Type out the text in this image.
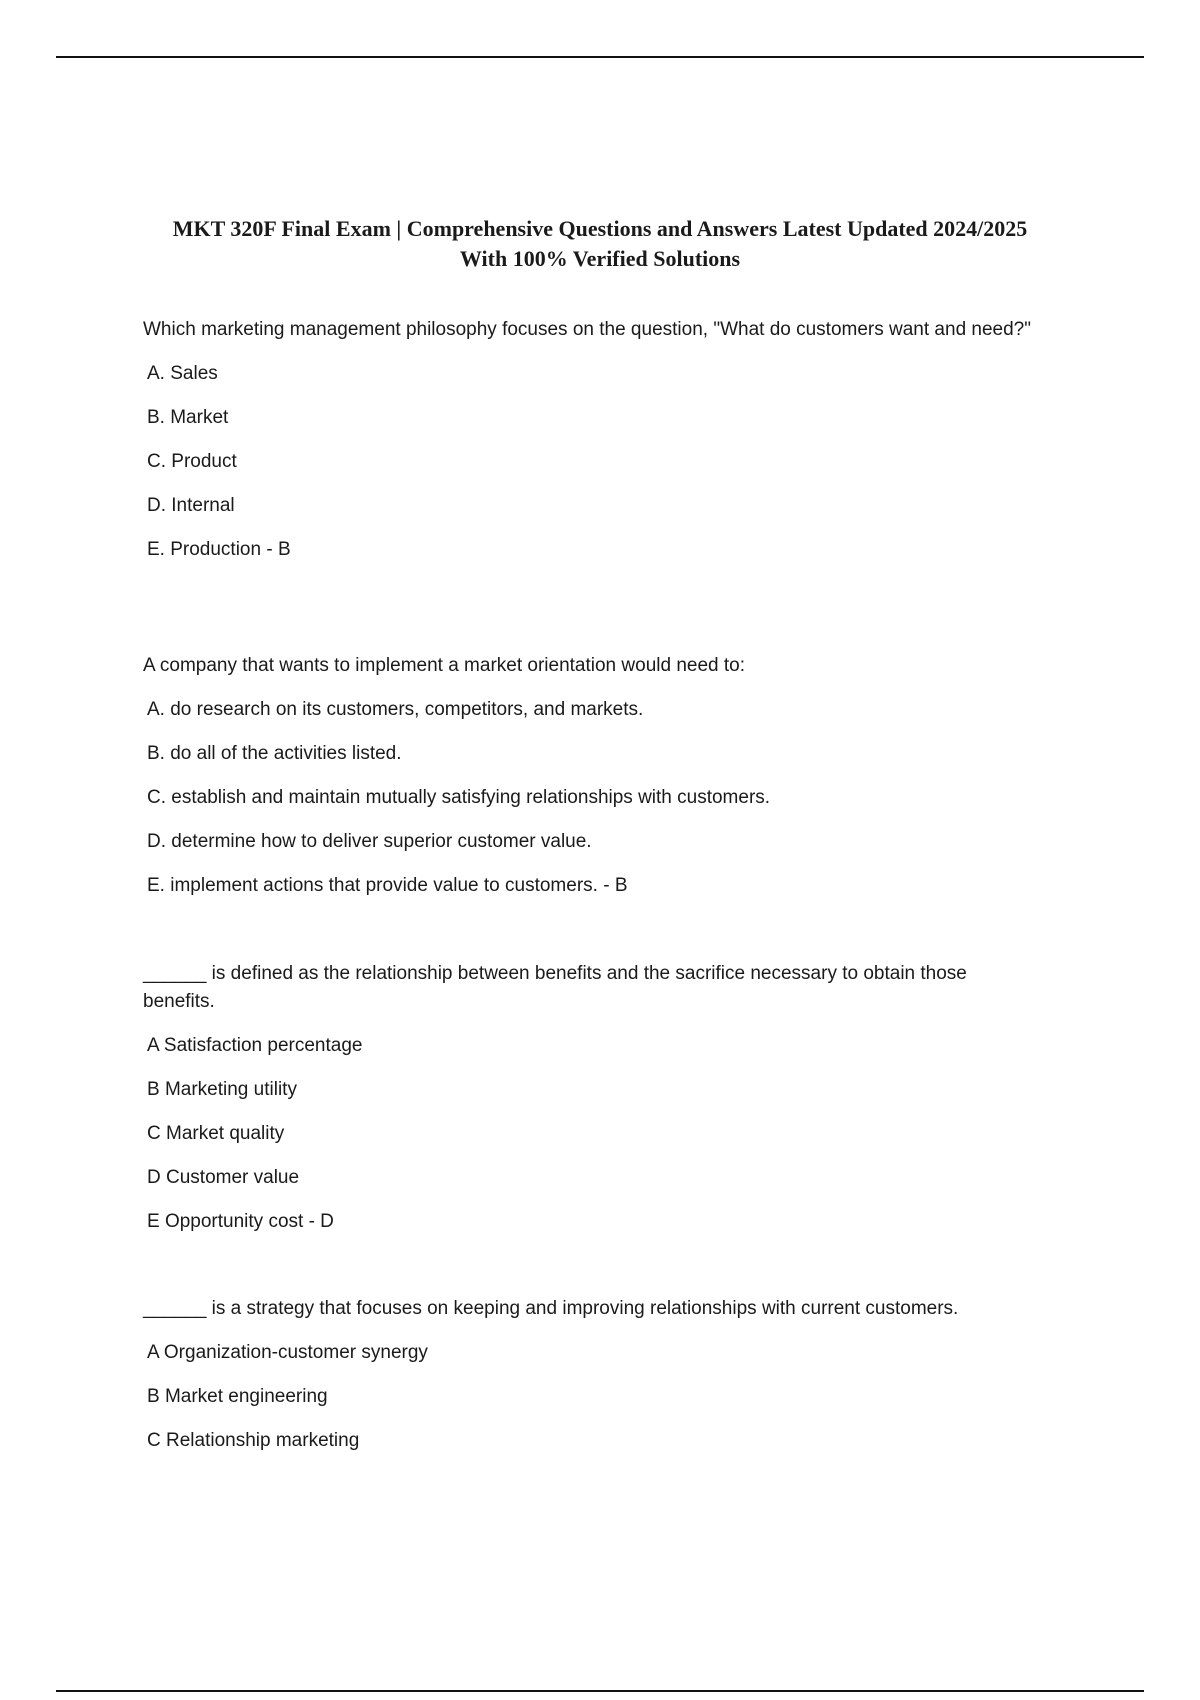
MKT 320F Final Exam | Comprehensive Questions and Answers Latest Updated 2024/2025
With 100% Verified Solutions

Which marketing management philosophy focuses on the question, "What do customers want and need?"

A. Sales
B. Market
C. Product
D. Internal
E. Production - B

A company that wants to implement a market orientation would need to:

A. do research on its customers, competitors, and markets.
B. do all of the activities listed.
C. establish and maintain mutually satisfying relationships with customers.
D. determine how to deliver superior customer value.
E. implement actions that provide value to customers. - B

______ is defined as the relationship between benefits and the sacrifice necessary to obtain those benefits.

A Satisfaction percentage
B Marketing utility
C Market quality
D Customer value
E Opportunity cost - D

______ is a strategy that focuses on keeping and improving relationships with current customers.

A Organization-customer synergy
B Market engineering
C Relationship marketing
